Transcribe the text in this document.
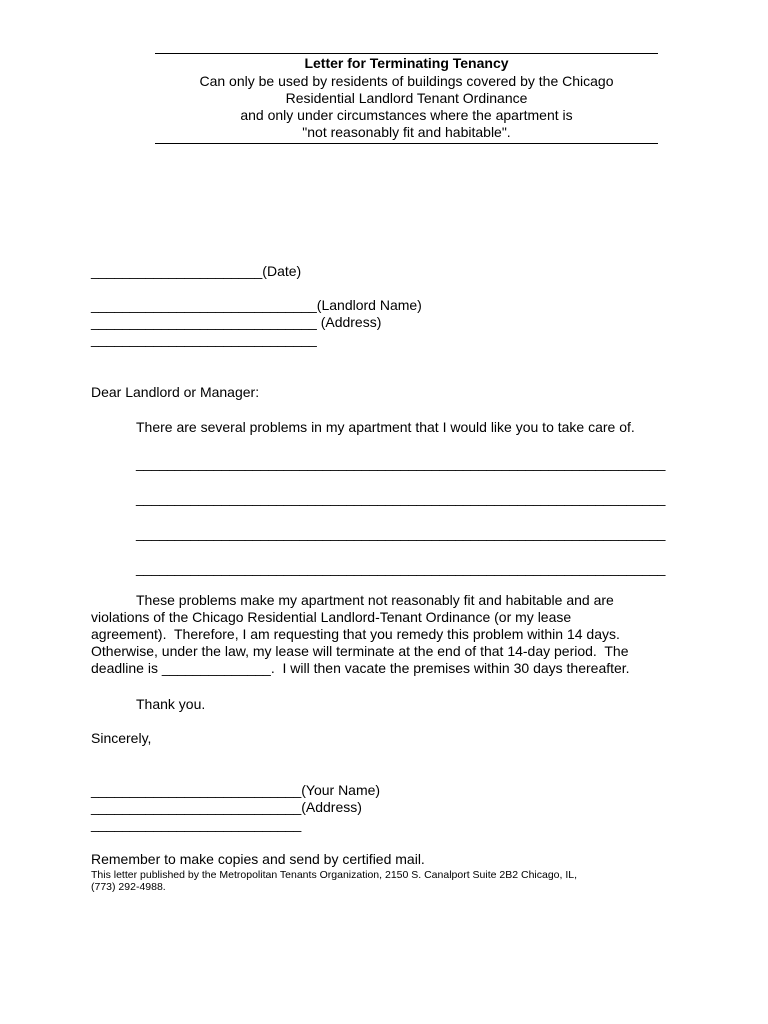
Letter for Terminating Tenancy
Can only be used by residents of buildings covered by the Chicago
Residential Landlord Tenant Ordinance
and only under circumstances where the apartment is
"not reasonably fit and habitable".
______________________(Date)
_____________________________(Landlord Name)
_____________________________ (Address)
_____________________________
Dear Landlord or Manager:
There are several problems in my apartment that I would like you to take care of.
____________________________________________________________________
____________________________________________________________________
____________________________________________________________________
____________________________________________________________________
These problems make my apartment not reasonably fit and habitable and are
violations of the Chicago Residential Landlord-Tenant Ordinance (or my lease
agreement).  Therefore, I am requesting that you remedy this problem within 14 days.
Otherwise, under the law, my lease will terminate at the end of that 14-day period.  The
deadline is ______________.  I will then vacate the premises within 30 days thereafter.
Thank you.
Sincerely,
___________________________(Your Name)
___________________________(Address)
___________________________
Remember to make copies and send by certified mail.
This letter published by the Metropolitan Tenants Organization, 2150 S. Canalport Suite 2B2 Chicago, IL,
(773) 292-4988.
